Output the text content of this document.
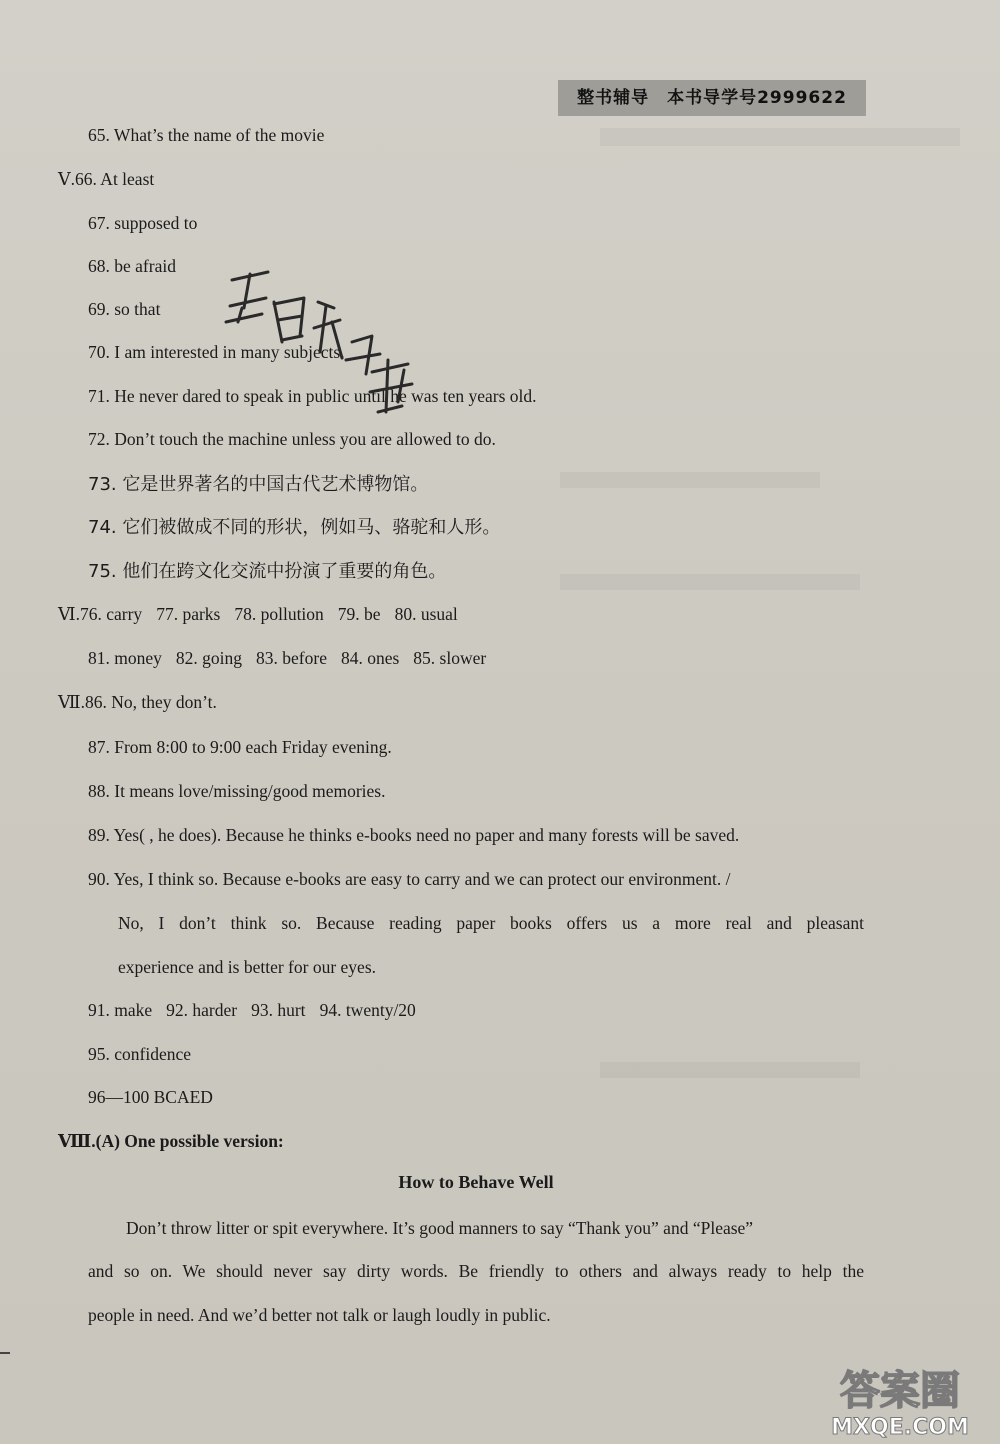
整书辅导　本书导学号2999622
65. What’s the name of the movie
Ⅴ.66. At least
67. supposed to
68. be afraid
69. so that
70. I am interested in many subjects.
71. He never dared to speak in public until he was ten years old.
72. Don’t touch the machine unless you are allowed to do.
73. 它是世界著名的中国古代艺术博物馆。
74. 它们被做成不同的形状，例如马、骆驼和人形。
75. 他们在跨文化交流中扮演了重要的角色。
Ⅵ.76. carry 77. parks 78. pollution 79. be 80. usual
81. money 82. going 83. before 84. ones 85. slower
Ⅶ.86. No, they don’t.
87. From 8:00 to 9:00 each Friday evening.
88. It means love/missing/good memories.
89. Yes( , he does). Because he thinks e-books need no paper and many forests will be saved.
90. Yes, I think so. Because e-books are easy to carry and we can protect our environment. /
No, I don’t think so. Because reading paper books offers us a more real and pleasant
experience and is better for our eyes.
91. make 92. harder 93. hurt 94. twenty/20
95. confidence
96—100 BCAED
Ⅷ.(A) One possible version:
How to Behave Well
Don’t throw litter or spit everywhere. It’s good manners to say “Thank you” and “Please”
and so on. We should never say dirty words. Be friendly to others and always ready to help the
people in need. And we’d better not talk or laugh loudly in public.
答案圈
MXQE.COM
